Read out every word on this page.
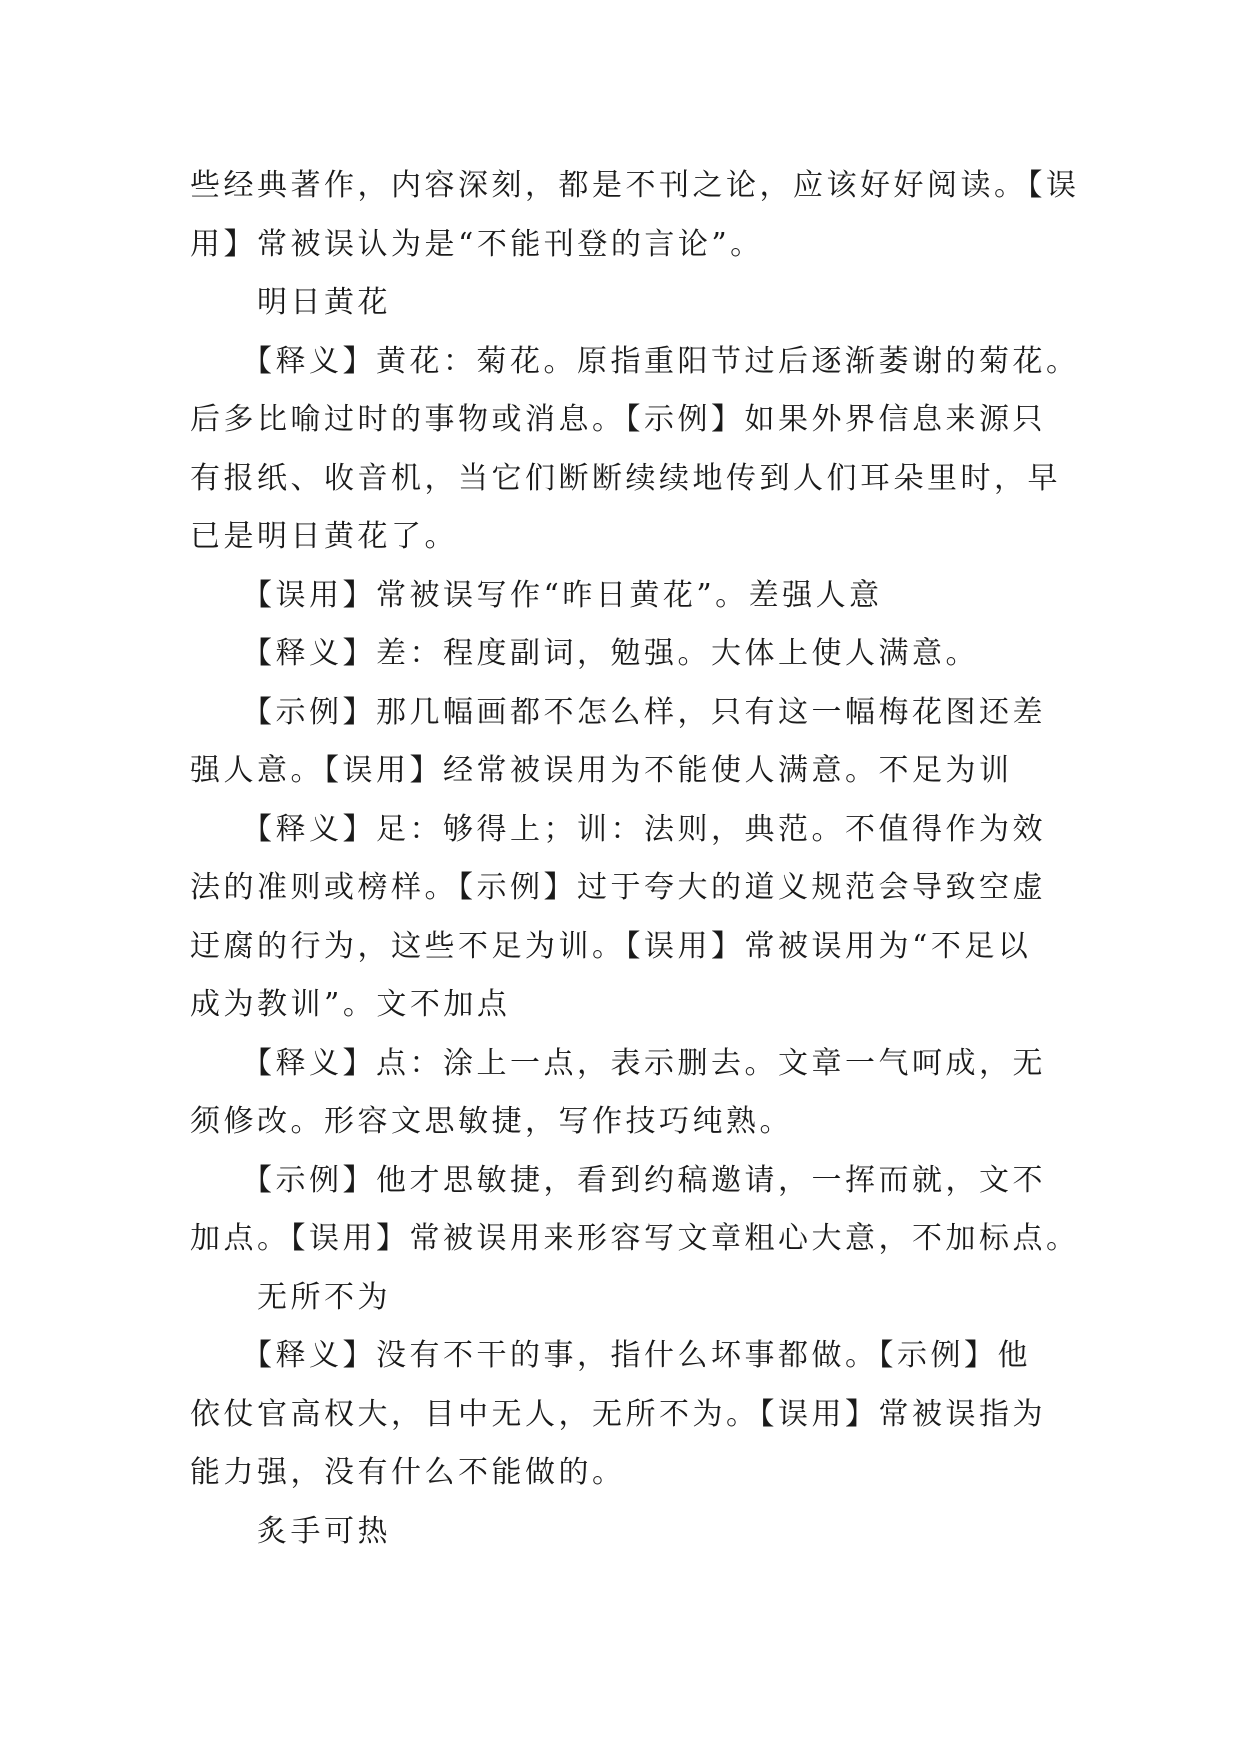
些经典著作，内容深刻，都是不刊之论，应该好好阅读。【误

用】常被误认为是“不能刊登的言论”。

　　明日黄花

　　【释义】黄花：菊花。原指重阳节过后逐渐萎谢的菊花。

后多比喻过时的事物或消息。【示例】如果外界信息来源只

有报纸、收音机，当它们断断续续地传到人们耳朵里时，早

已是明日黄花了。

　　【误用】常被误写作“昨日黄花”。差强人意

　　【释义】差：程度副词，勉强。大体上使人满意。

　　【示例】那几幅画都不怎么样，只有这一幅梅花图还差

强人意。【误用】经常被误用为不能使人满意。不足为训

　　【释义】足：够得上；训：法则，典范。不值得作为效

法的准则或榜样。【示例】过于夸大的道义规范会导致空虚

迂腐的行为，这些不足为训。【误用】常被误用为“不足以

成为教训”。文不加点

　　【释义】点：涂上一点，表示删去。文章一气呵成，无

须修改。形容文思敏捷，写作技巧纯熟。

　　【示例】他才思敏捷，看到约稿邀请，一挥而就，文不

加点。【误用】常被误用来形容写文章粗心大意，不加标点。

　　无所不为

　　【释义】没有不干的事，指什么坏事都做。【示例】他

依仗官高权大，目中无人，无所不为。【误用】常被误指为

能力强，没有什么不能做的。

　　炙手可热
